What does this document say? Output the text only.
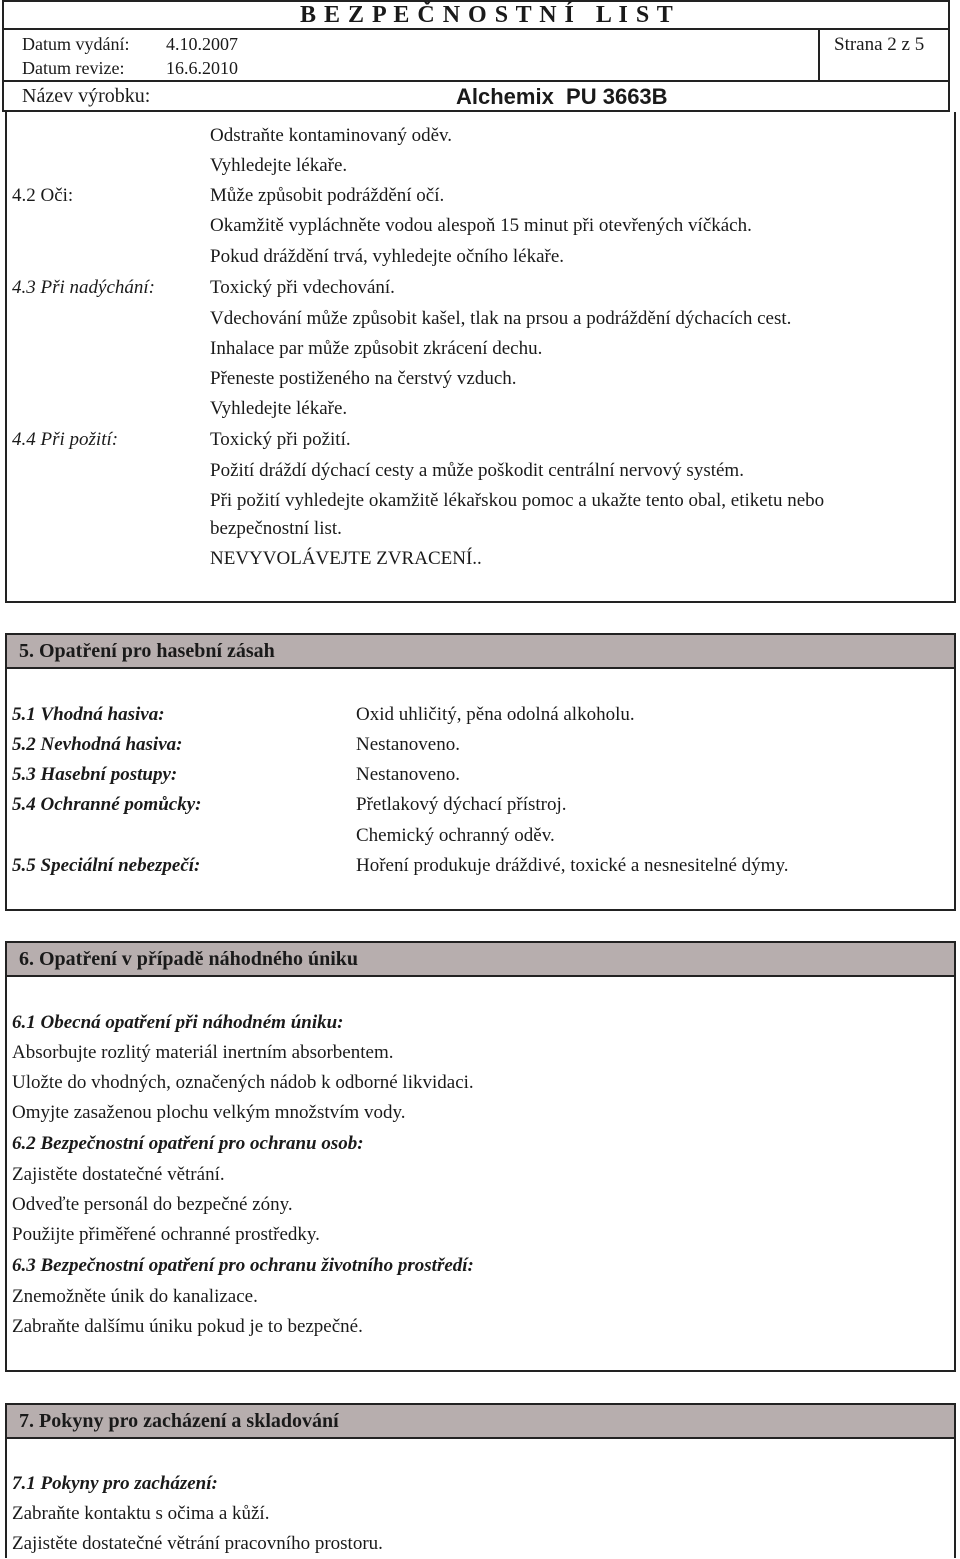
B E Z P E Č N O S T N Í   L I S T
Datum vydání: 4.10.2007
Datum revize: 16.6.2010
Strana 2 z 5
Název výrobku:	Alchemix  PU 3663B
Odstraňte kontaminovaný oděv.
Vyhledejte lékaře.
4.2 Oči:	Může způsobit podráždění očí.
Okamžitě vypláchněte vodou alespoň 15 minut při otevřených víčkách.
Pokud dráždění trvá, vyhledejte očního lékaře.
4.3 Při nadýchání:	Toxický při vdechování.
Vdechování může způsobit kašel, tlak na prsou a podráždění dýchacích cest.
Inhalace par může způsobit zkrácení dechu.
Přeneste postiženého na čerstvý vzduch.
Vyhledejte lékaře.
4.4 Při požití:	Toxický při požití.
Požití dráždí dýchací cesty a může poškodit centrální nervový systém.
Při požití vyhledejte okamžitě lékařskou pomoc a ukažte tento obal, etiketu nebo
bezpečnostní list.
NEVYVOLÁVEJTE ZVRACENÍ..
5. Opatření pro hasební zásah
5.1 Vhodná hasiva:	Oxid uhličitý, pěna odolná alkoholu.
5.2 Nevhodná hasiva:	Nestanoveno.
5.3 Hasební postupy:	Nestanoveno.
5.4 Ochranné pomůcky:	Přetlakový dýchací přístroj.
Chemický ochranný oděv.
5.5 Speciální nebezpečí:	Hoření produkuje dráždivé, toxické a nesnesitelné dýmy.
6. Opatření v případě náhodného úniku
6.1 Obecná opatření při náhodném úniku:
Absorbujte rozlitý materiál inertním absorbentem.
Uložte do vhodných, označených nádob k odborné likvidaci.
Omyjte zasaženou plochu velkým množstvím vody.
6.2 Bezpečnostní opatření pro ochranu osob:
Zajistěte dostatečné větrání.
Odveďte personál do bezpečné zóny.
Použijte přiměřené ochranné prostředky.
6.3 Bezpečnostní opatření pro ochranu životního prostředí:
Znemožněte únik do kanalizace.
Zabraňte dalšímu úniku pokud je to bezpečné.
7. Pokyny pro zacházení a skladování
7.1 Pokyny pro zacházení:
Zabraňte kontaktu s očima a kůží.
Zajistěte dostatečné větrání pracovního prostoru.
